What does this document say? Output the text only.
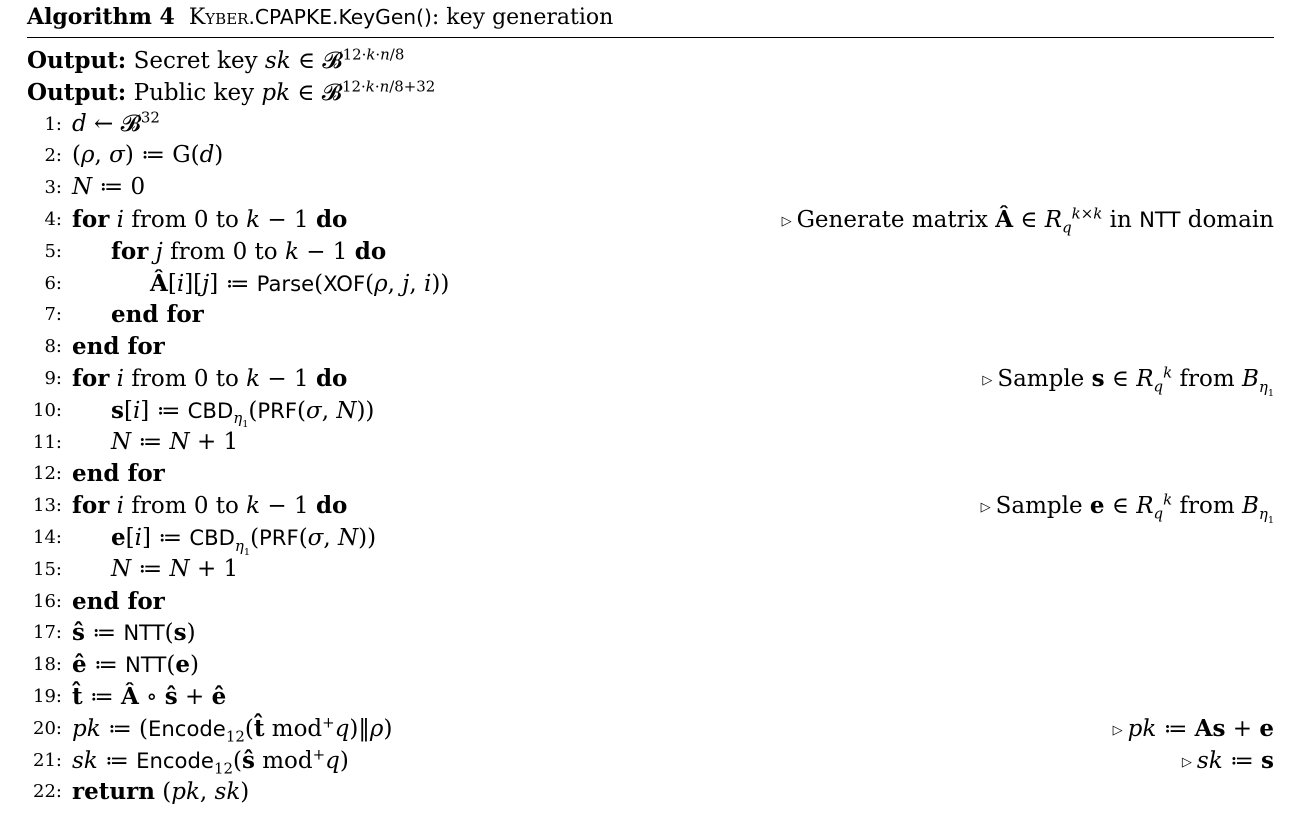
Algorithm 4 Kyber.CPAPKE.KeyGen(): key generation
Output: Secret key sk ∈ 𝓑$^{12\cdot k\cdot n/8}$
Output: Public key pk ∈ 𝓑$^{12\cdot k\cdot n/8+32}$
1: d ← 𝓑$^{32}$
2: (ρ, σ) ≔ G(d)
3: N ≔ 0
4: for i from 0 to k − 1 do	▷ Generate matrix Â ∈ $R_q^{k\times k}$ in NTT domain
5:	for j from 0 to k − 1 do
6:	Â[i][j] ≔ Parse(XOF(ρ, j, i))
7:	end for
8: end for
9: for i from 0 to k − 1 do	▷ Sample s ∈ $R_q^k$ from $B_{\eta_1}$
10:	s[i] ≔ $CBD_{\eta_1}(PRF(\sigma$, N))
11:	N ≔ N + 1
12: end for
13: for i from 0 to k − 1 do	▷ Sample e ∈ $R_q^k$ from $B_{\eta_1}$
14:	e[i] ≔ $CBD_{\eta_1}(PRF(\sigma$, N))
15:	N ≔ N + 1
16: end for
17: ŝ ≔ NTT(s)
18: ê ≔ NTT(e)
19: t̂ ≔ Â ∘ ŝ + ê
20: pk ≔ (Encode$_{12}$(t̂ mod+q)‖ρ)	▷ pk ≔ As + e
21: sk ≔ Encode$_{12}$(ŝ mod+q)	▷ sk ≔ s
22: return (pk, sk)
